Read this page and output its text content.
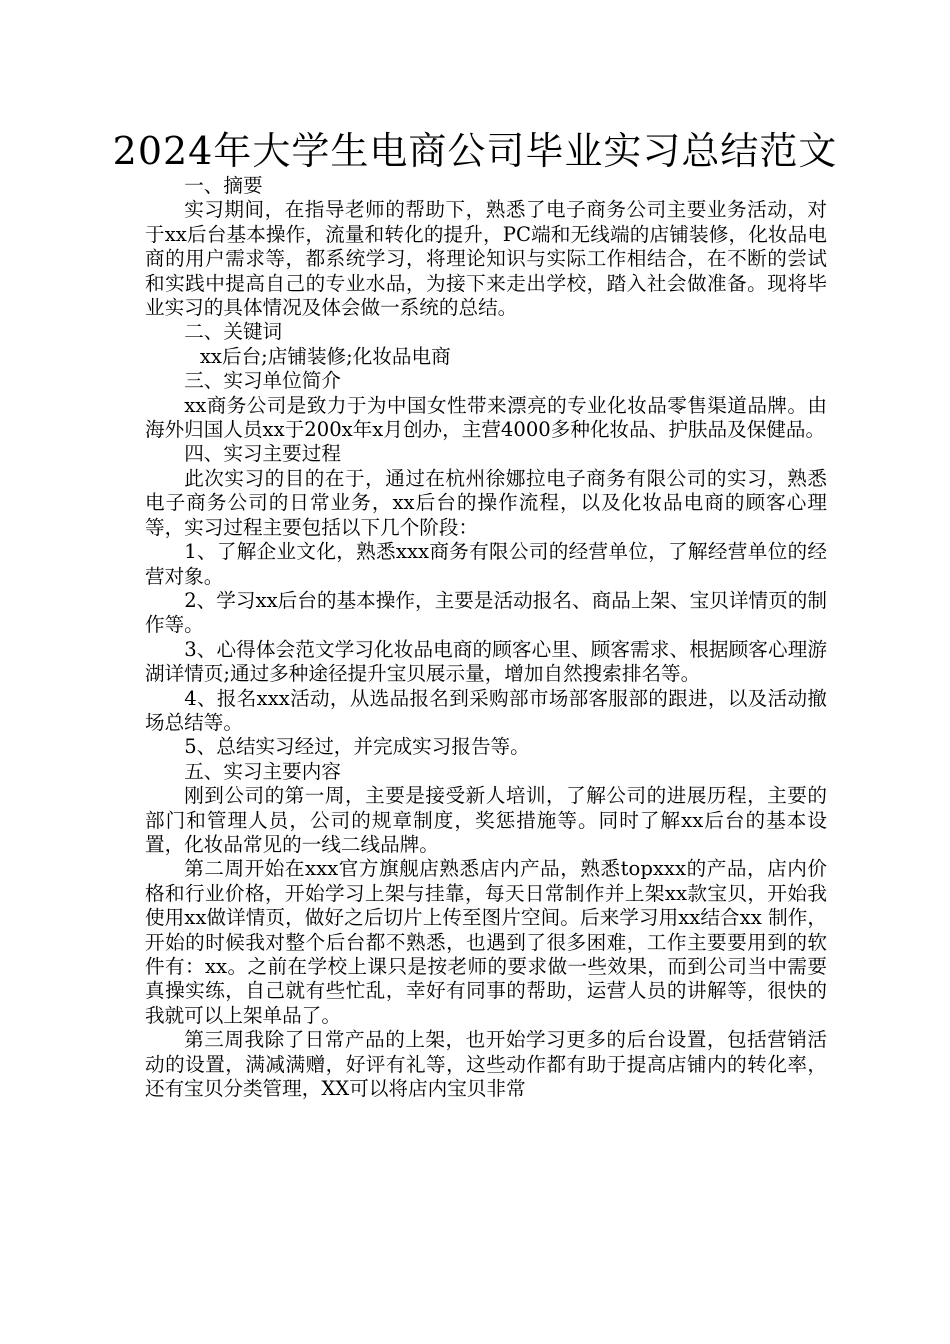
2024年大学生电商公司毕业实习总结范文

一、摘要

实习期间，在指导老师的帮助下，熟悉了电子商务公司主要业务活动，对于xx后台基本操作，流量和转化的提升，PC端和无线端的店铺装修，化妆品电商的用户需求等，都系统学习，将理论知识与实际工作相结合，在不断的尝试和实践中提高自己的专业水品，为接下来走出学校，踏入社会做准备。现将毕业实习的具体情况及体会做一系统的总结。

二、关键词

xx后台;店铺装修;化妆品电商

三、实习单位简介

xx商务公司是致力于为中国女性带来漂亮的专业化妆品零售渠道品牌。由海外归国人员xx于200x年x月创办，主营4000多种化妆品、护肤品及保健品。

四、实习主要过程

此次实习的目的在于，通过在杭州徐娜拉电子商务有限公司的实习，熟悉电子商务公司的日常业务，xx后台的操作流程，以及化妆品电商的顾客心理等，实习过程主要包括以下几个阶段：

1、了解企业文化，熟悉xxx商务有限公司的经营单位，了解经营单位的经营对象。

2、学习xx后台的基本操作，主要是活动报名、商品上架、宝贝详情页的制作等。

3、心得体会范文学习化妆品电商的顾客心里、顾客需求、根据顾客心理游湖详情页;通过多种途径提升宝贝展示量，增加自然搜索排名等。

4、报名xxx活动，从选品报名到采购部市场部客服部的跟进，以及活动撤场总结等。

5、总结实习经过，并完成实习报告等。

五、实习主要内容

刚到公司的第一周，主要是接受新人培训，了解公司的进展历程，主要的部门和管理人员，公司的规章制度，奖惩措施等。同时了解xx后台的基本设置，化妆品常见的一线二线品牌。

第二周开始在xxx官方旗舰店熟悉店内产品，熟悉topxxx的产品，店内价格和行业价格，开始学习上架与挂靠，每天日常制作并上架xx款宝贝，开始我使用xx做详情页，做好之后切片上传至图片空间。后来学习用xx结合xx 制作，开始的时候我对整个后台都不熟悉，也遇到了很多困难，工作主要要用到的软件有：xx。之前在学校上课只是按老师的要求做一些效果，而到公司当中需要真操实练，自己就有些忙乱，幸好有同事的帮助，运营人员的讲解等，很快的我就可以上架单品了。

第三周我除了日常产品的上架，也开始学习更多的后台设置，包括营销活动的设置，满减满赠，好评有礼等，这些动作都有助于提高店铺内的转化率，还有宝贝分类管理，XX可以将店内宝贝非常
